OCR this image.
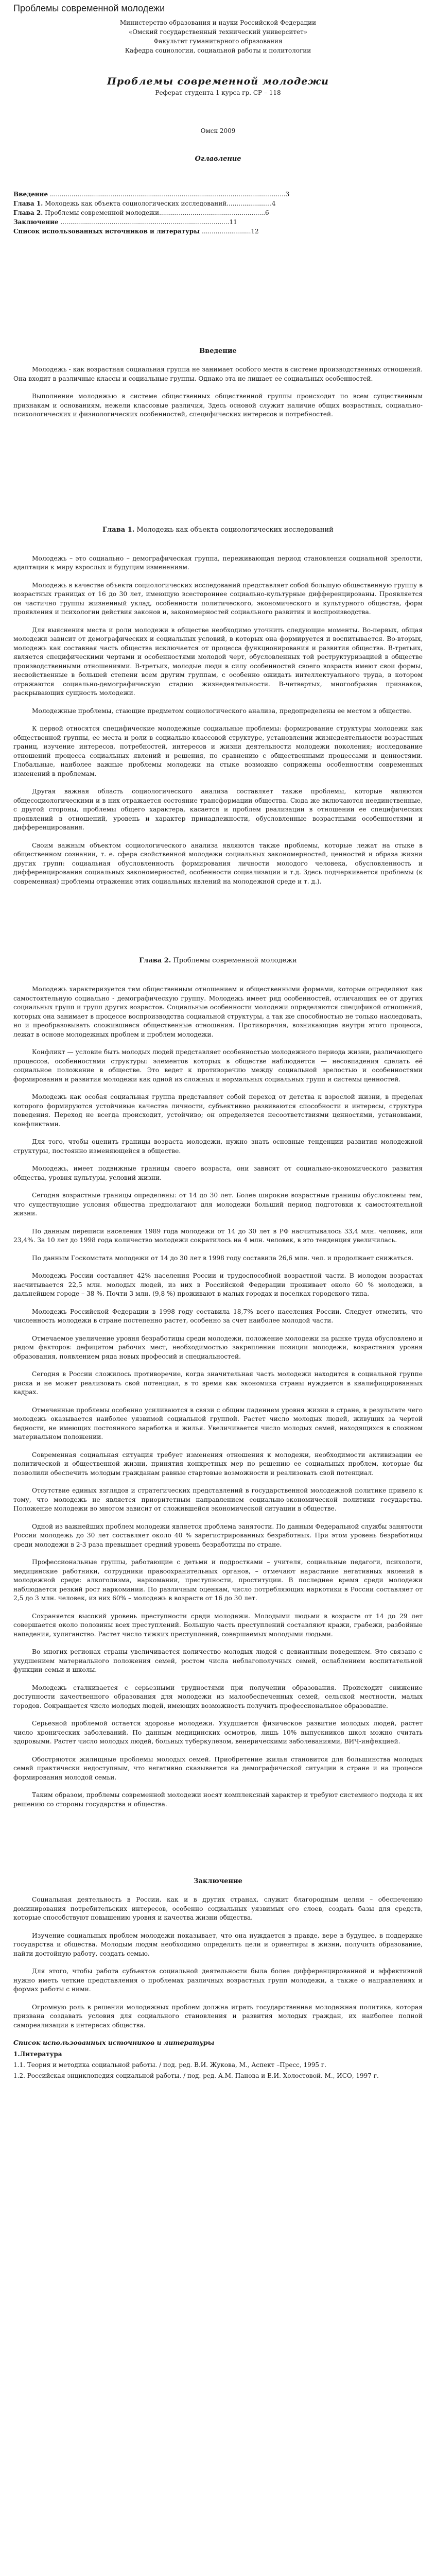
Проблемы современной молодежи
Министерство образования и науки Российской Федерации
«Омский государственный технический университет»
Факультет гуманитарного образования
Кафедра социологии, социальной работы и политологии
Проблемы современной молодежи
Реферат студента 1 курса гр. СР – 118
Омск 2009
Оглавление

Введение ........................................................................................................................3

Глава 1. Молодежь как объекта социологических исследований.......................4

Глава 2. Проблемы современной молодежи......................................................6

Заключение ......................................................................................11

Список использованных источников и литературы .........................12

Введение

Молодежь - как возрастная социальная группа не занимает особого места в системе производственных отношений. Она входит в различные классы и социальные группы. Однако эта не лишает ее социальных особенностей.

Выполнение молодежью в системе общественных общественной группы происходит по всем существенным признакам и основаниям, нежели классовые различия, Здесь основой служит наличие общих возрастных, социально-психологических и физиологических особенностей, специфических интересов и потребностей.

Глава 1. Молодежь как объекта социологических исследований

Молодежь – это социально – демографическая группа, переживающая период становления социальной зрелости, адаптации к миру взрослых и будущим изменениям.

Молодежь в качестве объекта социологических исследований представляет собой большую общественную группу в возрастных границах от 16 до 30 лет, имеющую всестороннее социально-культурные дифференцированы. Проявляется он частично группы жизненный уклад, особенности политического, экономического и культурного общества, форм проявления и психологии действия законов и, закономерностей социального развития и воспроизводства.

Для выяснения места и роли молодежи в обществе необходимо уточнить следующие моменты. Во-первых, общая молодежи зависит от демографических и социальных условий, в которых она формируется и воспитывается. Во-вторых, молодежь как составная часть общества исключается от процесса функционирования и развития общества. В-третьих, является специфическими чертами и особенностями молодой черт, обусловленных той реструктуризацией в обществе производственными отношениями. В-третьих, молодые люди в силу особенностей своего возраста имеют свои формы, несвойственные в большей степени всем другим группам, с особенно ожидать интеллектуального труда, в котором отражаются социально-демографическую стадию жизнедеятельности. В-четвертых, многообразие признаков, раскрывающих сущность молодежи.

Молодежные проблемы, стающие предметом социологического анализа, предопределены ее местом в обществе.

К первой относятся специфические молодежные социальные проблемы: формирование структуры молодежи как общественной группы, ее места и роли в социально-классовой структуре, установлении жизнедеятельности возрастных границ, изучение интересов, потребностей, интересов и жизни деятельности молодежи поколения; исследование отношений процесса социальных явлений и решения, по сравнению с общественными процессами и ценностями. Глобальные, наиболее важные проблемы молодежи на стыке возможно сопряжены особенностям современных изменений в проблемам.

Другая важная область социологического анализа составляет также проблемы, которые являются общесоциологическими и в них отражается состояние трансформации общества. Сюда же включаются неединственные, с другой стороны, проблемы общего характера, касается и проблем реализации в отношении ее специфических проявлений в отношений, уровень и характер принадлежности, обусловленные возрастными особенностями и дифференцирования.

Своим важным объектом социологического анализа являются также проблемы, которые лежат на стыке в общественном сознании, т. е. сфера свойственной молодежи социальных закономерностей, ценностей и образа жизни других групп: социальная обусловленность формирования личности молодого человека, обусловленность и дифференцирования социальных закономерностей, особенности социализации и т.д. Здесь подчеркивается проблемы (к современная) проблемы отражения этих социальных явлений на молодежной среде и т. д.).

Глава 2. Проблемы современной молодежи

Молодежь характеризуется тем общественным отношением и общественными формами, которые определяют как самостоятельную социально - демографическую группу. Молодежь имеет ряд особенностей, отличающих ее от других социальных групп и групп других возрастов. Социальные особенности молодежи определяются спецификой отношений, которых она занимает в процессе воспроизводства социальной структуры, а так же способностью не только наследовать, но и преобразовывать сложившиеся общественные отношения. Противоречия, возникающие внутри этого процесса, лежат в основе молодежных проблем и проблем молодежи.

Конфликт — условие быть молодых людей представляет особенностью молодежного периода жизни, различающего процессов, особенностями структуры: элементов которых в обществе наблюдается — несовпадения сделать её социальное положение в обществе. Это ведет к противоречию между социальной зрелостью и особенностями формирования и развития молодежи как одной из сложных и нормальных социальных групп и системы ценностей.

Молодежь как особая социальная группа представляет собой переход от детства к взрослой жизни, в пределах которого формируются устойчивые качества личности, субъективно развиваются способности и интересы, структура поведения. Переход не всегда происходит, устойчиво; он определяется несоответствиями ценностями, установками, конфликтами.

Для того, чтобы оценить границы возраста молодежи, нужно знать основные тенденции развития молодежной структуры, постоянно изменяющейся в обществе.

Молодежь, имеет подвижные границы своего возраста, они зависят от социально-экономического развития общества, уровня культуры, условий жизни.

Сегодня возрастные границы определены: от 14 до 30 лет. Более широкие возрастные границы обусловлены тем, что существующие условия общества предполагают для молодежи больший период подготовки к самостоятельной жизни.

По данным переписи населения 1989 года молодежи от 14 до 30 лет в РФ насчитывалось 33,4 млн. человек, или 23,4%. За 10 лет до 1998 года количество молодежи сократилось на 4 млн. человек, в это тенденция увеличилась.

По данным Госкомстата молодежи от 14 до 30 лет в 1998 году составила 26,6 млн. чел. и продолжает снижаться.

Молодежь России составляет 42% населения России и трудоспособной возрастной части. В молодом возрастах насчитывается 22,5 млн. молодых людей, из них в Российской Федерации проживает около 60 % молодежи, в дальнейшем городе – 38 %. Почти 3 млн. (9,8 %) проживают в малых городах и поселках городского типа.

Молодежь Российской Федерации в 1998 году составила 18,7% всего населения России. Следует отметить, что численность молодежи в стране постепенно растет, особенно за счет наиболее молодой части.

Отмечаемое увеличение уровня безработицы среди молодежи, положение молодежи на рынке труда обусловлено и рядом факторов: дефицитом рабочих мест, необходимостью закрепления позиции молодежи, возрастания уровня образования, появлением ряда новых профессий и специальностей.

Сегодня в России сложилось противоречие, когда значительная часть молодежи находится в социальной группе риска и не может реализовать свой потенциал, в то время как экономика страны нуждается в квалифицированных кадрах.

Отмеченные проблемы особенно усиливаются в связи с общим падением уровня жизни в стране, в результате чего молодежь оказывается наиболее уязвимой социальной группой. Растет число молодых людей, живущих за чертой бедности, не имеющих постоянного заработка и жилья. Увеличивается число молодых семей, находящихся в сложном материальном положении.

Современная социальная ситуация требует изменения отношения к молодежи, необходимости активизации ее политической и общественной жизни, принятия конкретных мер по решению ее социальных проблем, которые бы позволили обеспечить молодым гражданам равные стартовые возможности и реализовать свой потенциал.

Отсутствие единых взглядов и стратегических представлений в государственной молодежной политике привело к тому, что молодежь не является приоритетным направлением социально-экономической политики государства. Положение молодежи во многом зависит от сложившейся экономической ситуации в обществе.

Одной из важнейших проблем молодежи является проблема занятости. По данным Федеральной службы занятости России молодежь до 30 лет составляет около 40 % зарегистрированных безработных. При этом уровень безработицы среди молодежи в 2-3 раза превышает средний уровень безработицы по стране.

Профессиональные группы, работающие с детьми и подростками – учителя, социальные педагоги, психологи, медицинские работники, сотрудники правоохранительных органов, – отмечают нарастание негативных явлений в молодежной среде: алкоголизма, наркомании, преступности, проституции. В последнее время среди молодежи наблюдается резкий рост наркомании. По различным оценкам, число потребляющих наркотики в России составляет от 2,5 до 3 млн. человек, из них 60% – молодежь в возрасте от 16 до 30 лет.

Сохраняется высокий уровень преступности среди молодежи. Молодыми людьми в возрасте от 14 до 29 лет совершается около половины всех преступлений. Большую часть преступлений составляют кражи, грабежи, разбойные нападения, хулиганство. Растет число тяжких преступлений, совершаемых молодыми людьми.

Во многих регионах страны увеличивается количество молодых людей с девиантным поведением. Это связано с ухудшением материального положения семей, ростом числа неблагополучных семей, ослаблением воспитательной функции семьи и школы.

Молодежь сталкивается с серьезными трудностями при получении образования. Происходит снижение доступности качественного образования для молодежи из малообеспеченных семей, сельской местности, малых городов. Сокращается число молодых людей, имеющих возможность получить профессиональное образование.

Серьезной проблемой остается здоровье молодежи. Ухудшается физическое развитие молодых людей, растет число хронических заболеваний. По данным медицинских осмотров, лишь 10% выпускников школ можно считать здоровыми. Растет число молодых людей, больных туберкулезом, венерическими заболеваниями, ВИЧ-инфекцией.

Обостряются жилищные проблемы молодых семей. Приобретение жилья становится для большинства молодых семей практически недоступным, что негативно сказывается на демографической ситуации в стране и на процессе формирования молодой семьи.

Таким образом, проблемы современной молодежи носят комплексный характер и требуют системного подхода к их решению со стороны государства и общества.

Заключение

Социальная деятельность в России, как и в других странах, служит благородным целям – обеспечению доминирования потребительских интересов, особенно социальных уязвимых его слоев, создать базы для средств, которые способствуют повышению уровня и качества жизни общества.

Изучение социальных проблем молодежи показывает, что она нуждается в правде, вере в будущее, в поддержке государства и общества. Молодым людям необходимо определить цели и ориентиры в жизни, получить образование, найти достойную работу, создать семью.

Для этого, чтобы работа субъектов социальной деятельности была более дифференцированной и эффективной нужно иметь четкие представления о проблемах различных возрастных групп молодежи, а также о направлениях и формах работы с ними.

Огромную роль в решении молодежных проблем должна играть государственная молодежная политика, которая призвана создавать условия для социального становления и развития молодых граждан, их наиболее полной самореализации в интересах общества.

Список использованных источников и литературы
1.Литература

1.1. Теория и методика социальной работы. / под. ред. В.И. Жукова, М., Аспект –Пресс, 1995 г.

1.2. Российская энциклопедия социальной работы. / под. ред. А.М. Панова и Е.И. Холостовой. М., ИСО, 1997 г.
